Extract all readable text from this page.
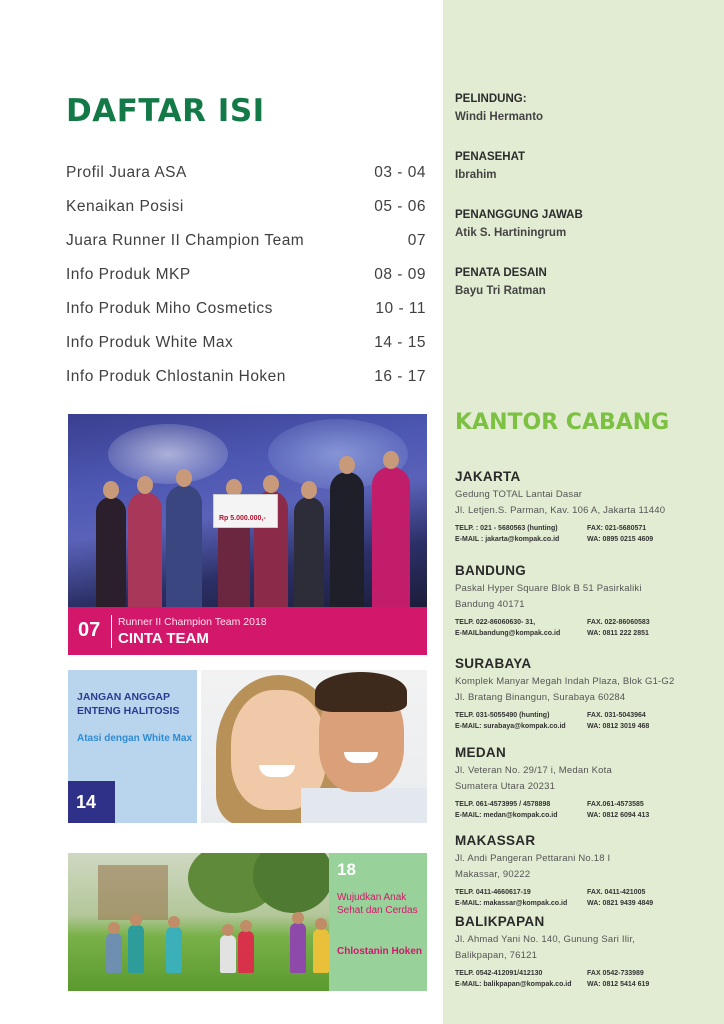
DAFTAR ISI
Profil Juara ASA	03 - 04
Kenaikan Posisi	05 - 06
Juara Runner II Champion Team	07
Info Produk MKP	08 - 09
Info Produk Miho Cosmetics	10 - 11
Info Produk White Max	14 - 15
Info Produk Chlostanin Hoken	16 - 17
Rp 5.000.000,-
07 Runner II Champion Team 2018
CINTA TEAM
JANGAN ANGGAP ENTENG HALITOSIS
Atasi dengan White Max
14
18
Wujudkan Anak Sehat dan Cerdas
Chlostanin Hoken
PELINDUNG:
Windi Hermanto
PENASEHAT
Ibrahim
PENANGGUNG JAWAB
Atik S. Hartiningrum
PENATA DESAIN
Bayu Tri Ratman
KANTOR CABANG
JAKARTA
Gedung TOTAL Lantai Dasar
Jl. Letjen.S. Parman, Kav. 106 A, Jakarta 11440
TELP. : 021 - 5680563 (hunting)	FAX: 021-5680571
E-MAIL : jakarta@kompak.co.id	WA: 0895 0215 4609
BANDUNG
Paskal Hyper Square Blok B 51 Pasirkaliki
Bandung 40171
TELP. 022-86060630- 31,	FAX. 022-86060583
E-MAILbandung@kompak.co.id	WA: 0811 222 2851
SURABAYA
Komplek Manyar Megah Indah Plaza, Blok G1-G2
Jl. Bratang Binangun, Surabaya 60284
TELP. 031-5055490 (hunting)	FAX. 031-5043964
E-MAIL: surabaya@kompak.co.id	WA: 0812 3019 468
MEDAN
Jl. Veteran No. 29/17 i, Medan Kota
Sumatera Utara 20231
TELP. 061-4573995 / 4578898	FAX.061-4573585
E-MAIL: medan@kompak.co.id	WA: 0812 6094 413
MAKASSAR
Jl. Andi Pangeran Pettarani No.18 I
Makassar, 90222
TELP. 0411-4660617-19	FAX. 0411-421005
E-MAIL: makassar@kompak.co.id	WA: 0821 9439 4849
BALIKPAPAN
Jl. Ahmad Yani No. 140, Gunung Sari Ilir,
Balikpapan, 76121
TELP. 0542-412091/412130	FAX 0542-733989
E-MAIL: balikpapan@kompak.co.id WA: 0812 5414 619
